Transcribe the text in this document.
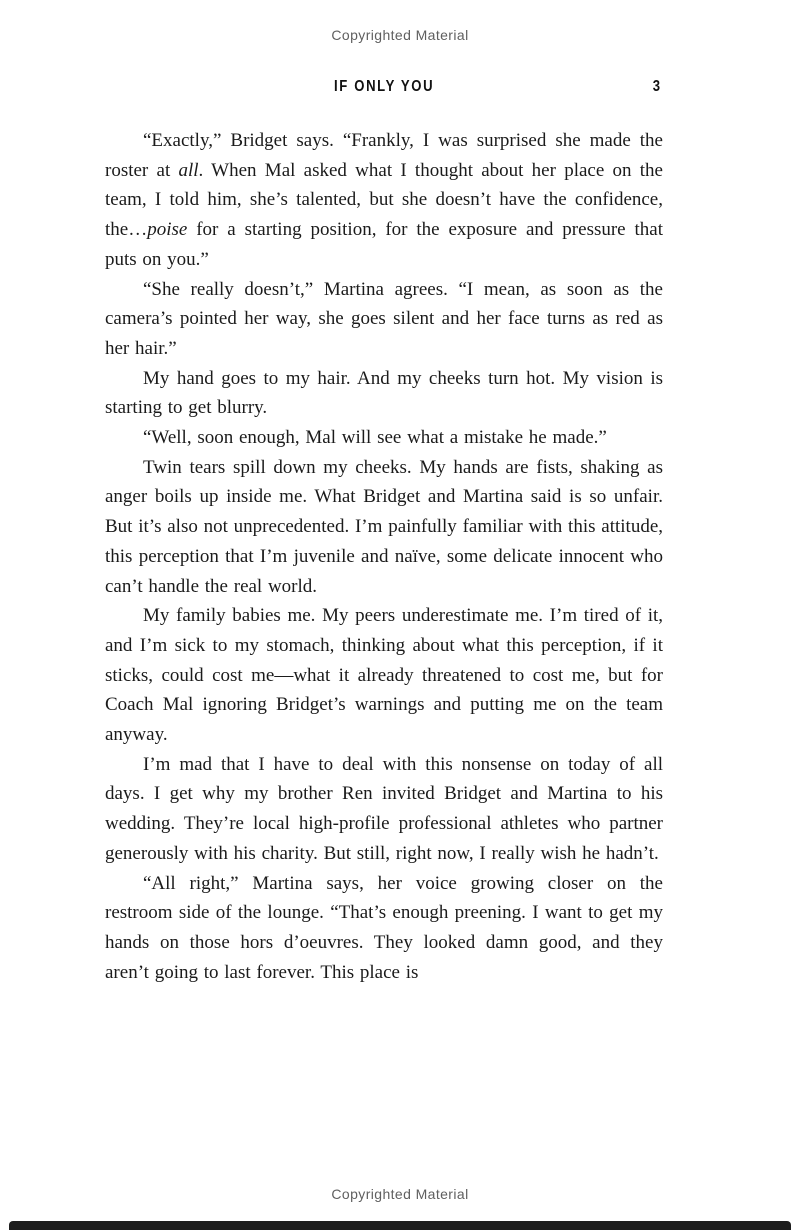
Copyrighted Material
IF ONLY YOU	3

“Exactly,” Bridget says. “Frankly, I was surprised she made the roster at all. When Mal asked what I thought about her place on the team, I told him, she’s talented, but she doesn’t have the confidence, the…poise for a starting position, for the exposure and pressure that puts on you.”

“She really doesn’t,” Martina agrees. “I mean, as soon as the camera’s pointed her way, she goes silent and her face turns as red as her hair.”

My hand goes to my hair. And my cheeks turn hot. My vision is starting to get blurry.

“Well, soon enough, Mal will see what a mistake he made.”

Twin tears spill down my cheeks. My hands are fists, shaking as anger boils up inside me. What Bridget and Martina said is so unfair. But it’s also not unprecedented. I’m painfully familiar with this attitude, this perception that I’m juvenile and naïve, some delicate innocent who can’t handle the real world.

My family babies me. My peers underestimate me. I’m tired of it, and I’m sick to my stomach, thinking about what this perception, if it sticks, could cost me—what it already threatened to cost me, but for Coach Mal ignoring Bridget’s warnings and putting me on the team anyway.

I’m mad that I have to deal with this nonsense on today of all days. I get why my brother Ren invited Bridget and Martina to his wedding. They’re local high-profile professional athletes who partner generously with his charity. But still, right now, I really wish he hadn’t.

“All right,” Martina says, her voice growing closer on the restroom side of the lounge. “That’s enough preening. I want to get my hands on those hors d’oeuvres. They looked damn good, and they aren’t going to last forever. This place is

Copyrighted Material
